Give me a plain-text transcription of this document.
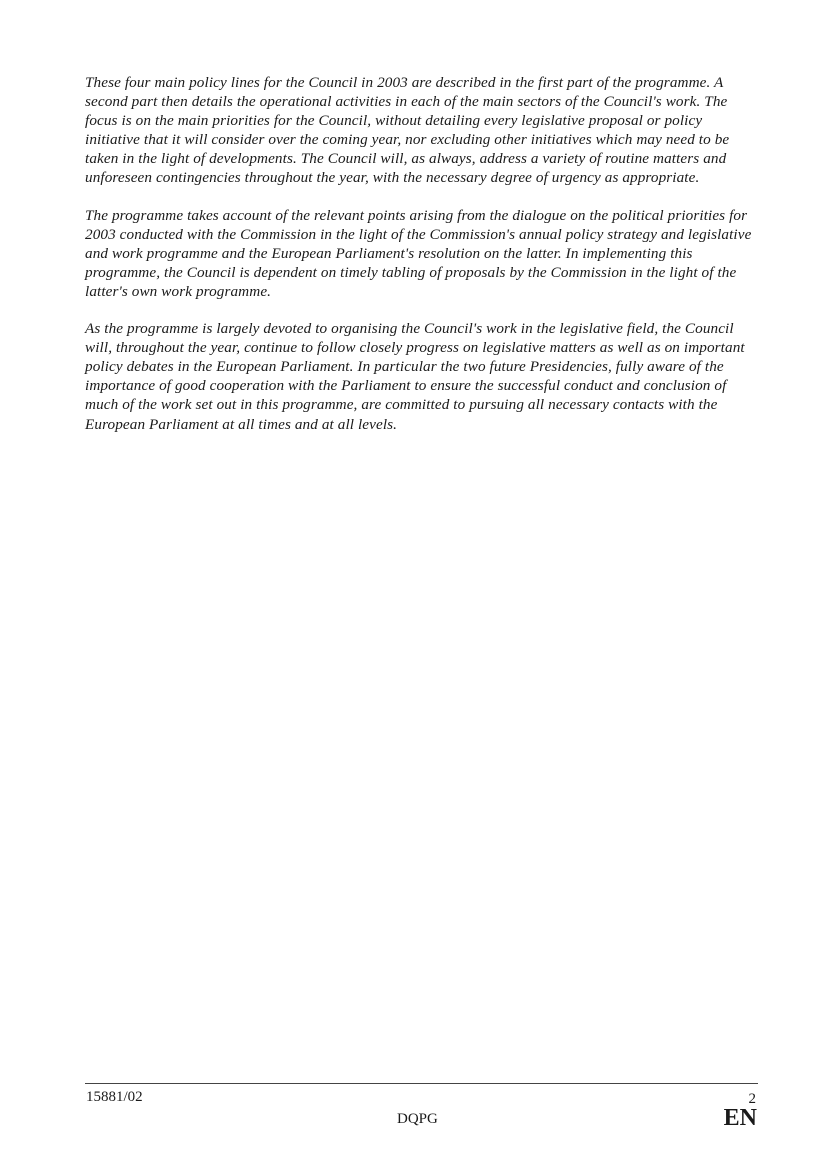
These four main policy lines for the Council in 2003 are described in the first part of the programme. A second part then details the operational activities in each of the main sectors of the Council's work. The focus is on the main priorities for the Council, without detailing every legislative proposal or policy initiative that it will consider over the coming year, nor excluding other initiatives which may need to be taken in the light of developments. The Council will, as always, address a variety of routine matters and unforeseen contingencies throughout the year, with the necessary degree of urgency as appropriate.

The programme takes account of the relevant points arising from the dialogue on the political priorities for 2003 conducted with the Commission in the light of the Commission's annual policy strategy and legislative and work programme and the European Parliament's resolution on the latter. In implementing this programme, the Council is dependent on timely tabling of proposals by the Commission in the light of the latter's own work programme.

As the programme is largely devoted to organising the Council's work in the legislative field, the Council will, throughout the year, continue to follow closely progress on legislative matters as well as on important policy debates in the European Parliament. In particular the two future Presidencies, fully aware of the importance of good cooperation with the Parliament to ensure the successful conduct and conclusion of much of the work set out in this programme, are committed to pursuing all necessary contacts with the European Parliament at all times and at all levels.

15881/02	2
DQPG	EN
